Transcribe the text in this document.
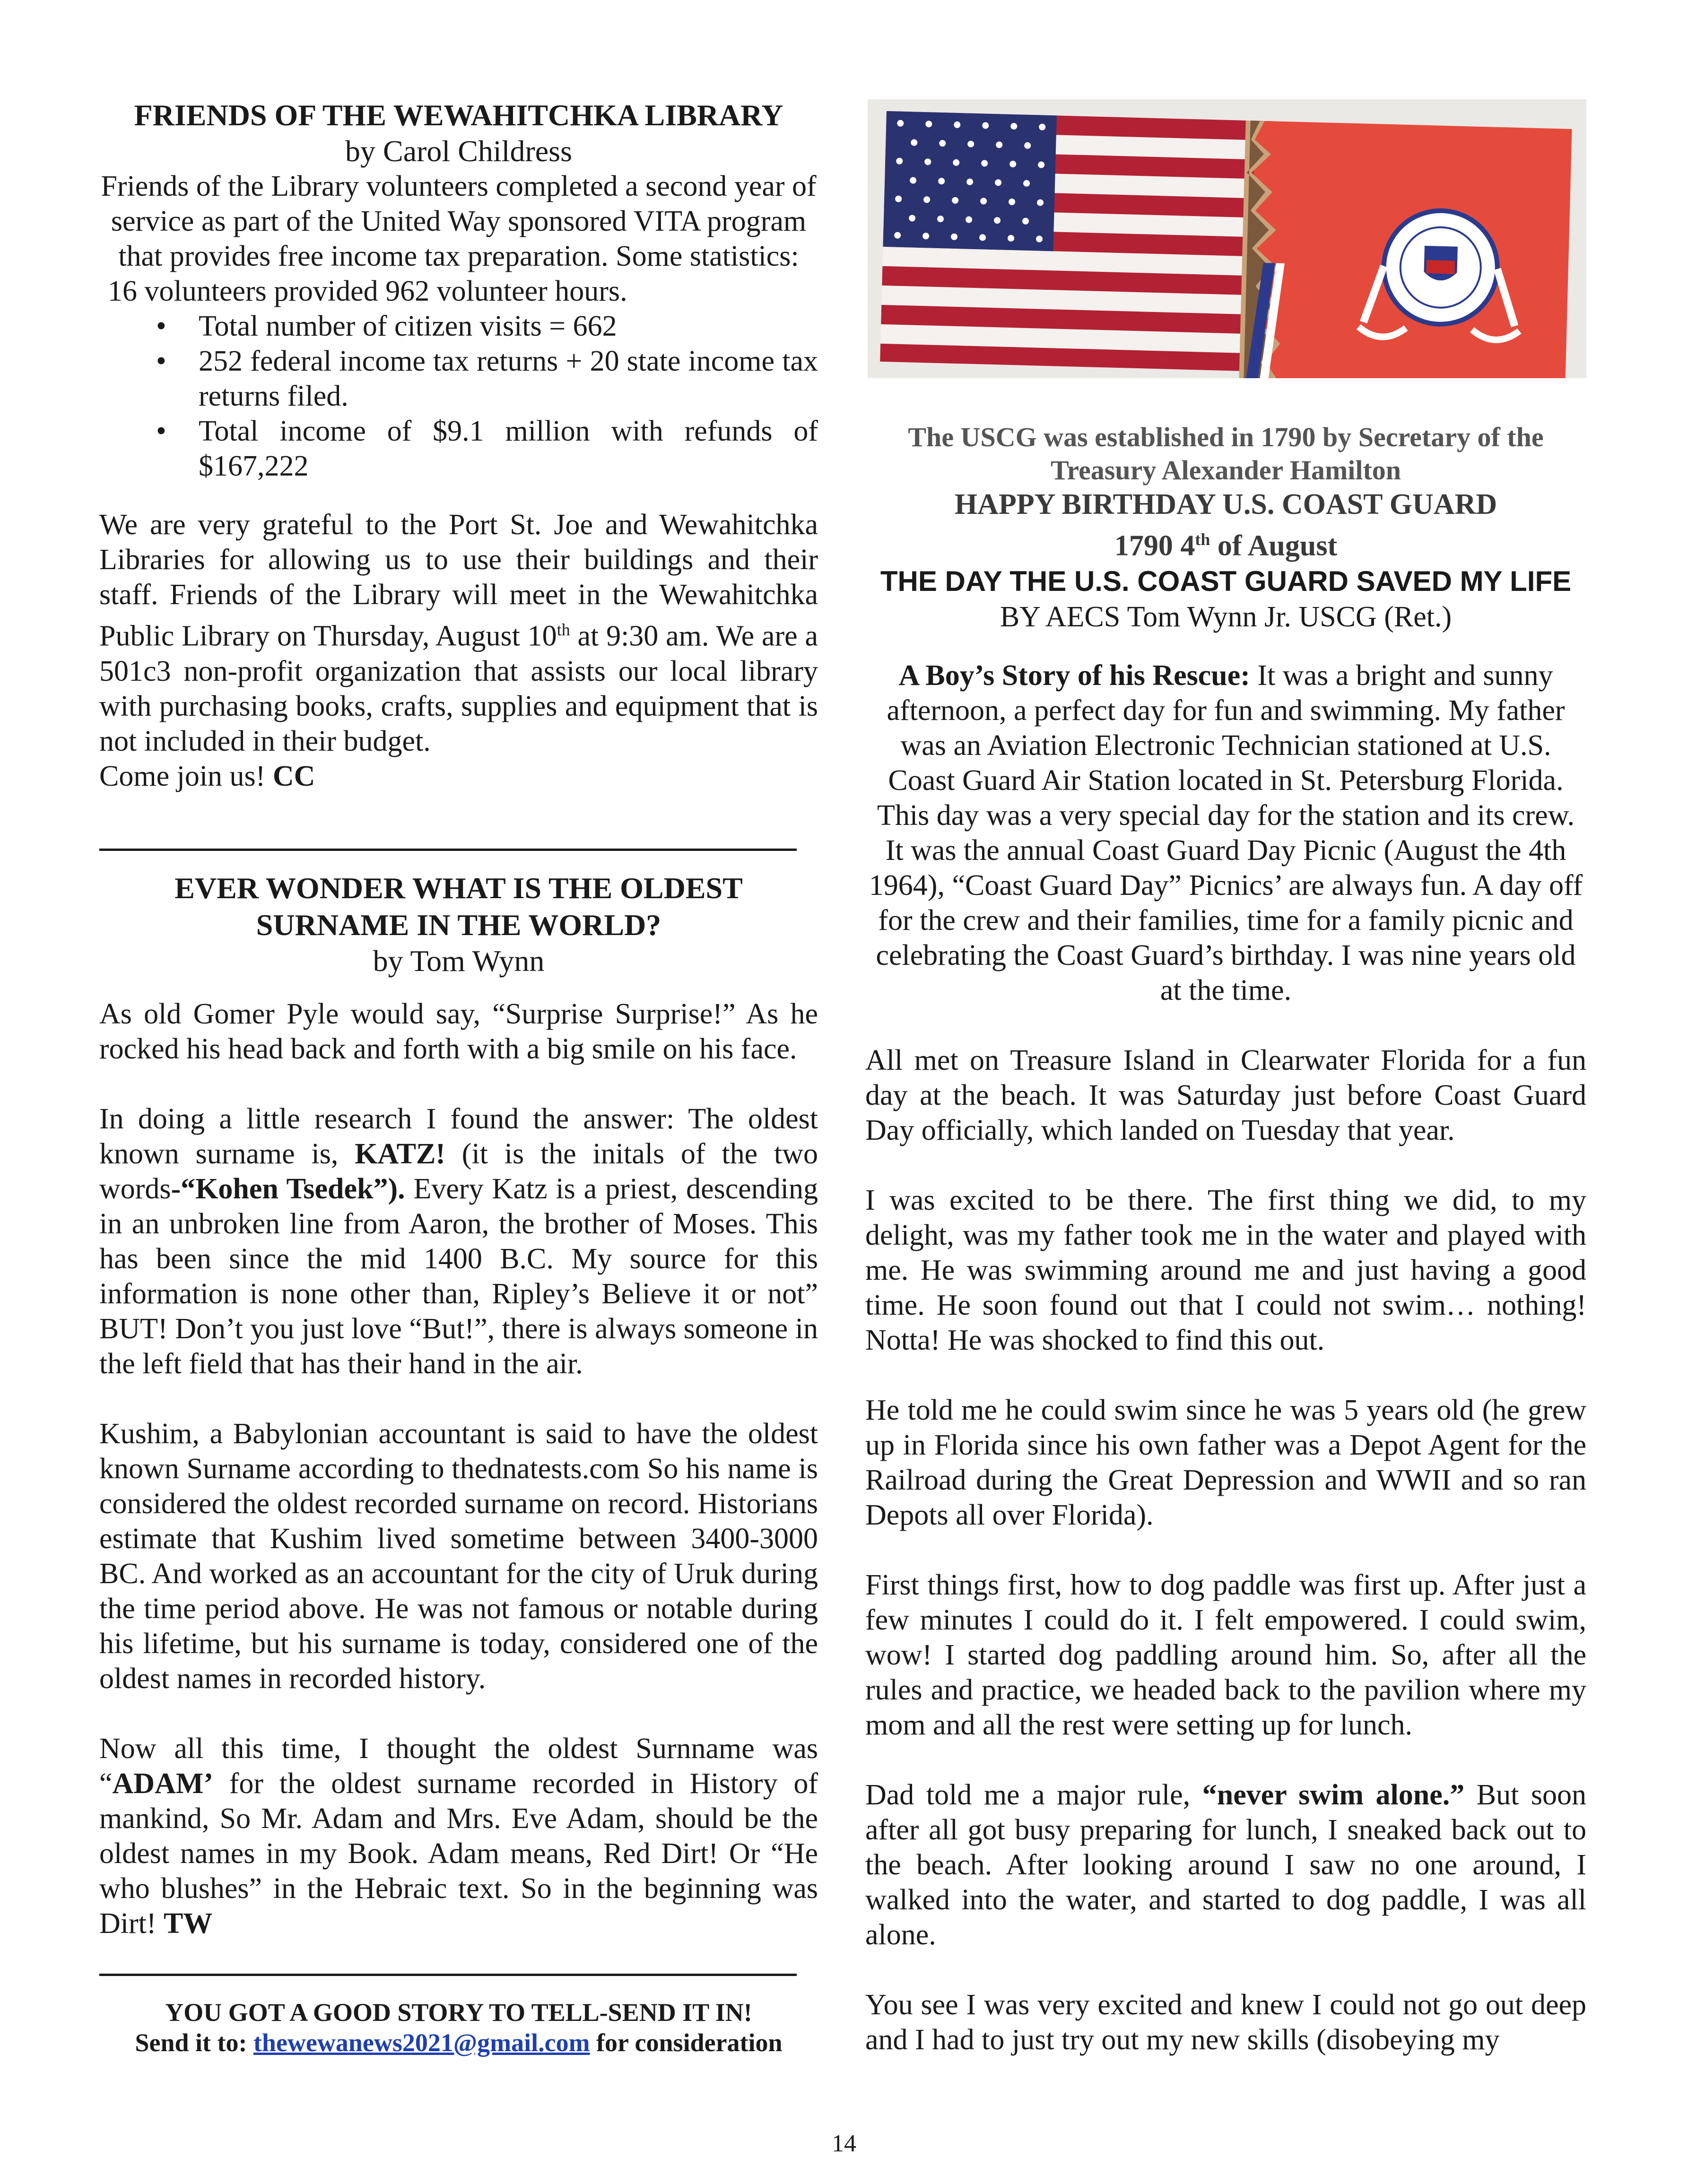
FRIENDS OF THE WEWAHITCHKA LIBRARY

by Carol Childress

Friends of the Library volunteers completed a second year of service as part of the United Way sponsored VITA program that provides free income tax preparation. Some statistics:

16 volunteers provided 962 volunteer hours.

• Total number of citizen visits = 662
• 252 federal income tax returns + 20 state income tax returns filed.
• Total income of $9.1 million with refunds of $167,222

We are very grateful to the Port St. Joe and Wewahitchka Libraries for allowing us to use their buildings and their staff. Friends of the Library will meet in the Wewahitchka Public Library on Thursday, August 10th at 9:30 am. We are a 501c3 non-profit organization that assists our local library with purchasing books, crafts, supplies and equipment that is not included in their budget.

Come join us! CC

EVER WONDER WHAT IS THE OLDEST SURNAME IN THE WORLD?

by Tom Wynn

As old Gomer Pyle would say, “Surprise Surprise!” As he rocked his head back and forth with a big smile on his face.

In doing a little research I found the answer: The oldest known surname is, KATZ! (it is the initals of the two words-“Kohen Tsedek”). Every Katz is a priest, descending in an unbroken line from Aaron, the brother of Moses. This has been since the mid 1400 B.C. My source for this information is none other than, Ripley’s Believe it or not” BUT! Don’t you just love “But!”, there is always someone in the left field that has their hand in the air.

Kushim, a Babylonian accountant is said to have the oldest known Surname according to thednatests.com So his name is considered the oldest recorded surname on record. Historians estimate that Kushim lived sometime between 3400-3000 BC. And worked as an accountant for the city of Uruk during the time period above. He was not famous or notable during his lifetime, but his surname is today, considered one of the oldest names in recorded history.

Now all this time, I thought the oldest Surnname was “ADAM’ for the oldest surname recorded in History of mankind, So Mr. Adam and Mrs. Eve Adam, should be the oldest names in my Book. Adam means, Red Dirt! Or “He who blushes” in the Hebraic text. So in the beginning was Dirt! TW

YOU GOT A GOOD STORY TO TELL-SEND IT IN!

Send it to: thewewanews2021@gmail.com for consideration

The USCG was established in 1790 by Secretary of the Treasury Alexander Hamilton

HAPPY BIRTHDAY U.S. COAST GUARD

1790 4th of August

THE DAY THE U.S. COAST GUARD SAVED MY LIFE

BY AECS Tom Wynn Jr. USCG (Ret.)

A Boy’s Story of his Rescue: It was a bright and sunny afternoon, a perfect day for fun and swimming. My father was an Aviation Electronic Technician stationed at U.S. Coast Guard Air Station located in St. Petersburg Florida. This day was a very special day for the station and its crew. It was the annual Coast Guard Day Picnic (August the 4th 1964), “Coast Guard Day” Picnics’ are always fun. A day off for the crew and their families, time for a family picnic and celebrating the Coast Guard’s birthday. I was nine years old at the time.

All met on Treasure Island in Clearwater Florida for a fun day at the beach. It was Saturday just before Coast Guard Day officially, which landed on Tuesday that year.

I was excited to be there. The first thing we did, to my delight, was my father took me in the water and played with me. He was swimming around me and just having a good time. He soon found out that I could not swim… nothing! Notta! He was shocked to find this out.

He told me he could swim since he was 5 years old (he grew up in Florida since his own father was a Depot Agent for the Railroad during the Great Depression and WWII and so ran Depots all over Florida).

First things first, how to dog paddle was first up. After just a few minutes I could do it. I felt empowered. I could swim, wow! I started dog paddling around him. So, after all the rules and practice, we headed back to the pavilion where my mom and all the rest were setting up for lunch.

Dad told me a major rule, “never swim alone.” But soon after all got busy preparing for lunch, I sneaked back out to the beach. After looking around I saw no one around, I walked into the water, and started to dog paddle, I was all alone.

You see I was very excited and knew I could not go out deep and I had to just try out my new skills (disobeying my

14
